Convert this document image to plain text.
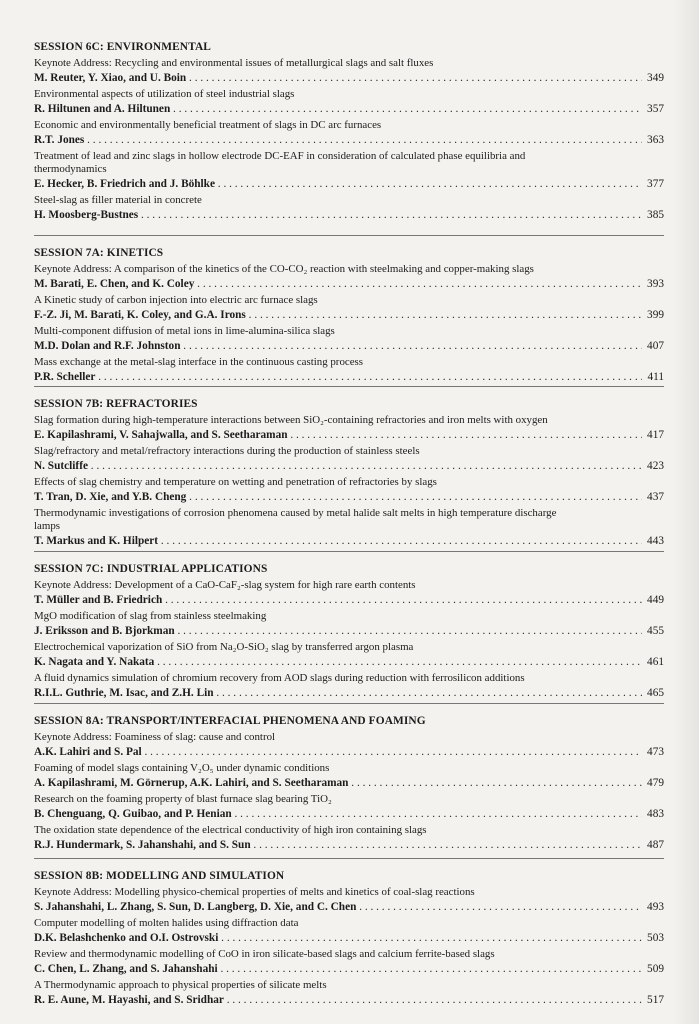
SESSION 6C: ENVIRONMENTAL
Keynote Address: Recycling and environmental issues of metallurgical slags and salt fluxes
M. Reuter, Y. Xiao, and U. Boin . . .	349
Environmental aspects of utilization of steel industrial slags
R. Hiltunen and A. Hiltunen . . .	357
Economic and environmentally beneficial treatment of slags in DC arc furnaces
R.T. Jones . . .	363
Treatment of lead and zinc slags in hollow electrode DC-EAF in consideration of calculated phase equilibria and thermodynamics
E. Hecker, B. Friedrich and J. Böhlke . . .	377
Steel-slag as filler material in concrete
H. Moosberg-Bustnes . . .	385
SESSION 7A: KINETICS
Keynote Address: A comparison of the kinetics of the CO-CO₂ reaction with steelmaking and copper-making slags
M. Barati, E. Chen, and K. Coley . . .	393
A Kinetic study of carbon injection into electric arc furnace slags
F.-Z. Ji, M. Barati, K. Coley, and G.A. Irons . . .	399
Multi-component diffusion of metal ions in lime-alumina-silica slags
M.D. Dolan and R.F. Johnston . . .	407
Mass exchange at the metal-slag interface in the continuous casting process
P.R. Scheller . . .	411
SESSION 7B: REFRACTORIES
Slag formation during high-temperature interactions between SiO₂-containing refractories and iron melts with oxygen
E. Kapilashrami, V. Sahajwalla, and S. Seetharaman . . .	417
Slag/refractory and metal/refractory interactions during the production of stainless steels
N. Sutcliffe . . .	423
Effects of slag chemistry and temperature on wetting and penetration of refractories by slags
T. Tran, D. Xie, and Y.B. Cheng . . .	437
Thermodynamic investigations of corrosion phenomena caused by metal halide salt melts in high temperature discharge lamps
T. Markus and K. Hilpert . . .	443
SESSION 7C: INDUSTRIAL APPLICATIONS
Keynote Address: Development of a CaO-CaF₂-slag system for high rare earth contents
T. Müller and B. Friedrich . . .	449
MgO modification of slag from stainless steelmaking
J. Eriksson and B. Bjorkman . . .	455
Electrochemical vaporization of SiO from Na₂O-SiO₂ slag by transferred argon plasma
K. Nagata and Y. Nakata . . .	461
A fluid dynamics simulation of chromium recovery from AOD slags during reduction with ferrosilicon additions
R.I.L. Guthrie, M. Isac, and Z.H. Lin . . .	465
SESSION 8A: TRANSPORT/INTERFACIAL PHENOMENA AND FOAMING
Keynote Address: Foaminess of slag: cause and control
A.K. Lahiri and S. Pal . . .	473
Foaming of model slags containing V₂O₅ under dynamic conditions
A. Kapilashrami, M. Görnerup, A.K. Lahiri, and S. Seetharaman . . .	479
Research on the foaming property of blast furnace slag bearing TiO₂
B. Chenguang, Q. Guibao, and P. Henian . . .	483
The oxidation state dependence of the electrical conductivity of high iron containing slags
R.J. Hundermark, S. Jahanshahi, and S. Sun . . .	487
SESSION 8B: MODELLING AND SIMULATION
Keynote Address: Modelling physico-chemical properties of melts and kinetics of coal-slag reactions
S. Jahanshahi, L. Zhang, S. Sun, D. Langberg, D. Xie, and C. Chen . . .	493
Computer modelling of molten halides using diffraction data
D.K. Belashchenko and O.I. Ostrovski . . .	503
Review and thermodynamic modelling of CoO in iron silicate-based slags and calcium ferrite-based slags
C. Chen, L. Zhang, and S. Jahanshahi . . .	509
A Thermodynamic approach to physical properties of silicate melts
R. E. Aune, M. Hayashi, and S. Sridhar . . .	517
